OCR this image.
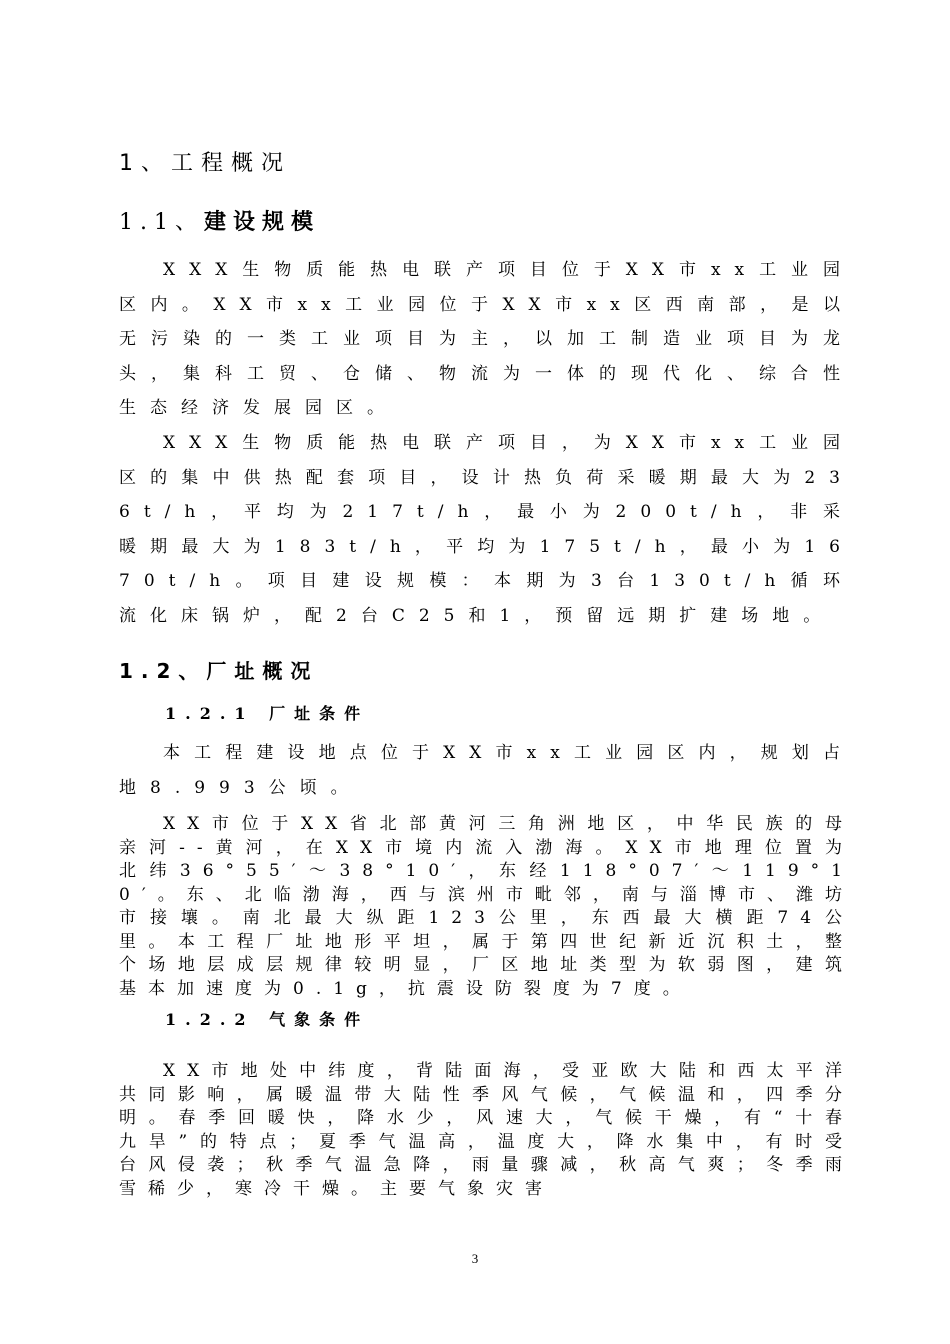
1、工程概况
1.1、建设规模

XXX生物质能热电联产项目位于XX市xx工业园区内。XX市xx工业园位于XX市xx区西南部，是以无污染的一类工业项目为主，以加工制造业项目为龙头，集科工贸、仓储、物流为一体的现代化、综合性生态经济发展园区。

XXX生物质能热电联产项目，为XX市xx工业园区的集中供热配套项目，设计热负荷采暖期最大为236t/h，平均为217t/h，最小为200t/h，非采暖期最大为183t/h，平均为175t/h，最小为1670t/h。项目建设规模：本期为3台130t/h循环流化床锅炉，配2台C25和1，预留远期扩建场地。

1.2、厂址概况
1.2.1 厂址条件

本工程建设地点位于XX市xx工业园区内，规划占地8.993公顷。

XX市位于XX省北部黄河三角洲地区，中华民族的母亲河--黄河，在XX市境内流入渤海。XX市地理位置为北纬36°55′～38°10′，东经118°07′～119°10′。东、北临渤海，西与滨州市毗邻，南与淄博市、潍坊市接壤。南北最大纵距123公里，东西最大横距74公里。本工程厂址地形平坦，属于第四世纪新近沉积土，整个场地层成层规律较明显，厂区地址类型为软弱图，建筑基本加速度为0.1g，抗震设防裂度为7度。

1.2.2 气象条件

XX市地处中纬度，背陆面海，受亚欧大陆和西太平洋共同影响，属暖温带大陆性季风气候，气候温和，四季分明。春季回暖快，降水少，风速大，气候干燥，有“十春九旱”的特点；夏季气温高，温度大，降水集中，有时受台风侵袭；秋季气温急降，雨量骤减，秋高气爽；冬季雨雪稀少，寒冷干燥。主要气象灾害

3
